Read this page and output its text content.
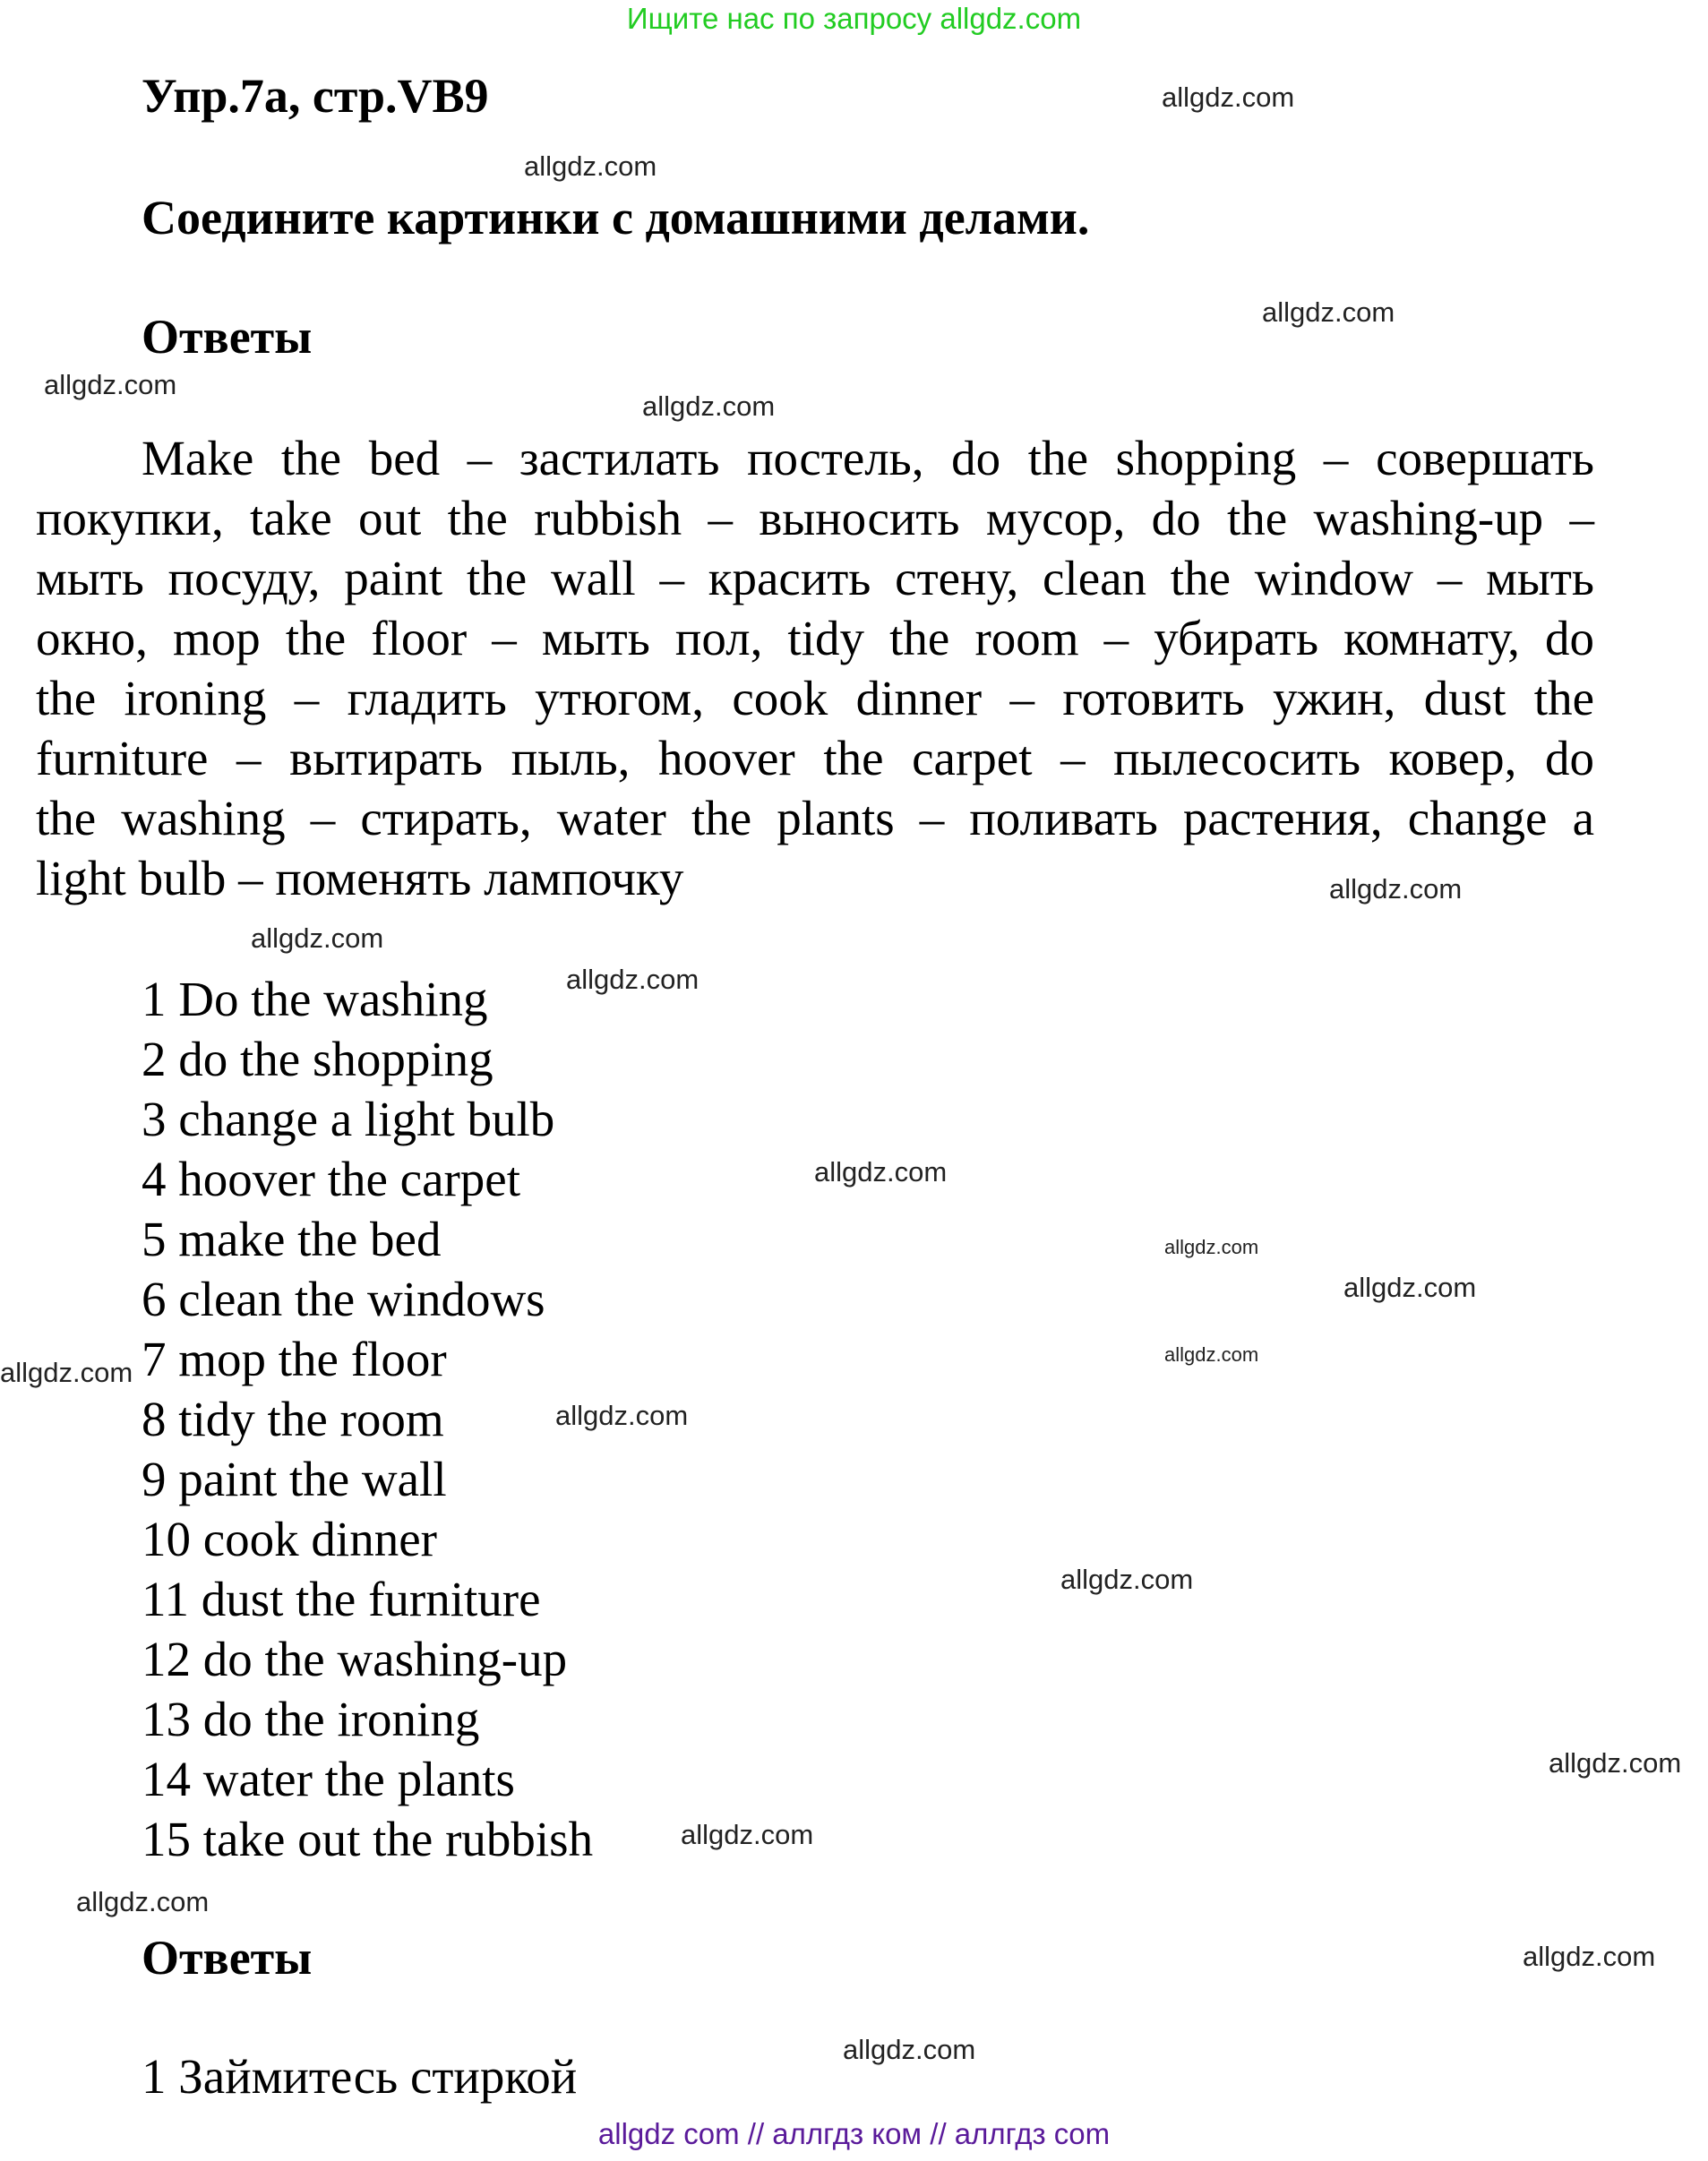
Ищите нас по запросу allgdz.com
Упр.7а, стр.VB9
Соедините картинки с домашними делами.
Ответы
Make the bed – застилать постель, do the shopping – совершать
покупки, take out the rubbish – выносить мусор, do the washing-up –
мыть посуду, paint the wall – красить стену, clean the window – мыть
окно, mop the floor – мыть пол, tidy the room – убирать комнату, do
the ironing – гладить утюгом, cook dinner – готовить ужин, dust the
furniture – вытирать пыль, hoover the carpet – пылесосить ковер, do
the washing – стирать, water the plants – поливать растения, change a
light bulb – поменять лампочку
1 Do the washing
2 do the shopping
3 change a light bulb
4 hoover the carpet
5 make the bed
6 clean the windows
7 mop the floor
8 tidy the room
9 paint the wall
10 cook dinner
11 dust the furniture
12 do the washing-up
13 do the ironing
14 water the plants
15 take out the rubbish
Ответы
1 Займитесь стиркой
allgdz.com
allgdz.com
allgdz.com
allgdz.com
allgdz.com
allgdz.com
allgdz.com
allgdz.com
allgdz.com
allgdz.com
allgdz.com
allgdz.com
allgdz.com
allgdz.com
allgdz.com
allgdz.com
allgdz.com
allgdz.com
allgdz.com
allgdz.com
allgdz com // аллгдз ком // аллгдз com
